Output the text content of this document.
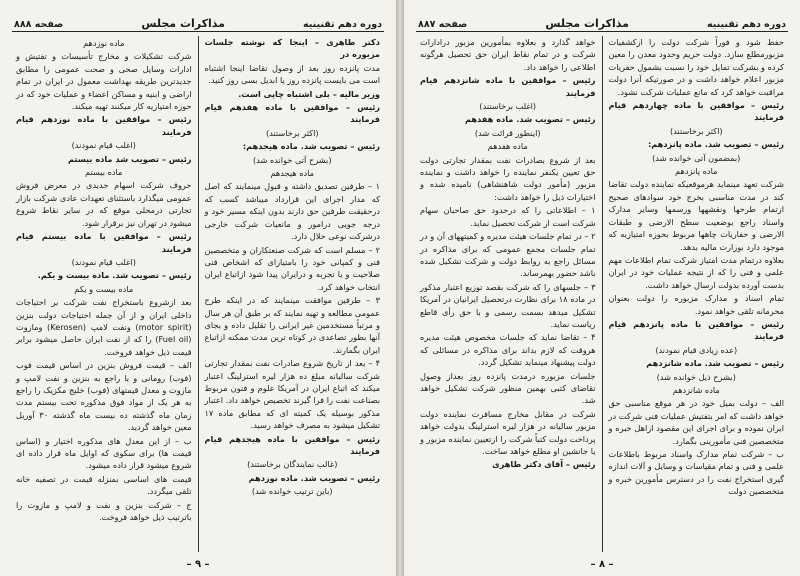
دوره دهم تقنینیه
مذاکرات مجلس
صفحه ۸۸۷
حفظ شود و فوراً شرکت دولت را ازکشفیات مزبورمطلع سازد. دولت حریم وحدود معدن را معین کرده و بشرکت تمایل خود را نسبت بشمول حفریات مزبور اعلام خواهد داشت و در صورتیکه آنرا دولت مراقبت خواهد کرد که مانع عملیات شرکت نشود.
رئیس – موافقین با ماده چهاردهم قیام فرمایند
(اکثر برخاستند)
رئیس – تصویب شد. ماده پانزدهم:
(بمضمون آتی خوانده شد)
ماده پانزدهم
شرکت تعهد مینماید هرموقعیکه نماینده دولت تقاضا کند در مدت مناسبی بخرج خود سوادهای صحیح ازتمام طرحها ونقشهها ورسمها وسایر مدارک واسناد راجع بوضعیت سطح الارضی و طبقات الارضی و حفاریات چاهها مربوط بحوزه امتیازیه که موجود دارد بوزارت مالیه بدهد.
بعلاوه درتمام مدت امتیاز شرکت تمام اطلاعات مهم علمی و فنی را که از نتیجه عملیات خود در ایران بدست آورده بدولت ارسال خواهد داشت.
تمام اسناد و مدارک مزبوره را دولت بعنوان محرمانه تلقی خواهد نمود.
رئیس – موافقین با ماده پانزدهم قیام فرمایند
(عده زیادی قیام نمودند)
رئیس – تصویب شد. ماده شانزدهم
(بشرح ذیل خوانده شد)
ماده شانزدهم
الف – دولت بمیل خود در هر موقع مناسبی حق خواهد داشت که امر بتفتیش عملیات فنی شرکت در ایران نموده و برای اجرای این مقصود ازاهل خبره و متخصصین فنی مأمورینی بگمارد.
ب – شرکت تمام مدارک واسناد مربوط باطلاعات علمی و فنی و تمام مقیاسات و وسایل و آلات اندازه گیری استخراج نفت را در دسترس مأمورین خبره و متخصصین دولت
خواهد گذارد و بعلاوه بمأمورین مزبور درادارات شرکت و در تمام نقاط ایران حق تحصیل هرگونه اطلاعی را خواهد داد.
رئیس – موافقین با ماده شانزدهم قیام فرمایند
(اغلب برخاستند)
رئیس – تصویب شد. ماده هفدهم
(اینطور قرائت شد)
ماده هفدهم
بعد از شروع بصادرات نفت بمقدار تجارتی دولت حق تعیین یکنفر نماینده را خواهد داشت و نماینده مزبور (مأمور دولت شاهنشاهی) نامیده شده و اختیارات ذیل را خواهد داشت:
۱ – اطلاعاتی را که درحدود حق صاحبان سهام شرکت است از شرکت تحصیل نماید.
۲ – در تمام جلسات هیئت مدیره و کمیتههای آن و در تمام جلسات مجمع عمومی که برای مذاکره در مسائل راجع به روابط دولت و شرکت تشکیل شده باشد حضور بهمرساند.
۳ – جلسهای را که شرکت بقصد توزیع اعتبار مذکور در ماده ۱۸ برای نظارت درتحصیل ایرانیان در آمریکا تشکیل میدهد بسمت رسمی و با حق رأی قاطع ریاست نماید.
۴ – تقاضا نماید که جلسات مخصوص هیئت مدیره هروقت که لازم بداند برای مذاکره در مسائلی که دولت پیشنهاد مینماید تشکیل گردد.
جلسات مزبوره درمدت پانزده روز بعداز وصول تقاضای کتبی بهمین منظور شرکت تشکیل خواهد شد.
شرکت در مقابل مخارج مسافرت نماینده دولت مزبور سالیانه در هزار لیره استرلینگ بدولت خواهد پرداخت دولت کتباً شرکت را ازتعیین نماینده مزبور و یا جانشین او مطلع خواهد ساخت.
رئیس – آقای دکتر طاهری
– ۸ –
دوره دهم تقنینیه
مذاکرات مجلس
صفحه ۸۸۸
دکتر طاهری – اینجا که نوشته جلسات مزبوره در
مدت پانزده روز بعد از وصول تقاضا اینجا اشتباه است می بایست پانزده روز یا ابدیل بسی روز کنید.
وزیر مالیه – بلی اشتباه چاپی است.
رئیس – موافقین با ماده هفدهم قیام فرمایند
(اکثر برخاستند)
رئیس – تصویب شد. ماده هیجدهم:
(بشرح آتی خوانده شد)
ماده هیجدهم
۱ – طرفین تصدیق داشته و قبول مینمایند که اصل که مدار اجرای این قرارداد میباشد کسب که درحقیقت طرفین حق دارند بدون اینکه مسیر خود و درجه جویی درامور و مانعیات شرکت خارجی درشرکت نوعی حلال دارد.
۲ – مسلم است که شرکت صنعتکاران و متخصصین فنی و کمپانی خود را بامتیازای که اشخاص فنی صلاحیت و یا تجربه و درایران پیدا شود ازاتباع ایران انتخاب خواهد کرد.
۳ – طرفین موافقت مینمایند که در اینکه طرح عمومی مطالعه و تهیه نمایند که بر طبق آن هر سال و مرتباً مستخدمین غیر ایرانی را تقلیل داده و بجای آنها بطور تصاعدی در کوتاه ترین مدت ممکنه ازاتباع ایران بگمارند.
۴ – بعد از تاریخ شروع صادرات نفت بمقدار تجارتی شرکت سالیانه مبلغ ده هزار لیره استرلینگ اعتبار میکند که اتباع ایران در آمریکا علوم و فنون مربوط بصناعت نفت را فرا گیرند تخصیص خواهد داد. اعتبار مذکور بوسیله یک کمیته ای که مطابق ماده ۱۷ تشکیل میشود به مصرف خواهد رسید.
رئیس – موافقین با ماده هیجدهم قیام فرمایند
(غالب نمایندگان برخاستند)
رئیس – تصویب شد. ماده نوزدهم
(باین ترتیب خوانده شد)
ماده نوزدهم
شرکت تشکیلات و مخارج تأسیسات و تفتیش و ادارات وسایل صحی و صحت عمومی را مطابق جدیدترین طریقه بهداشت معمول در ایران در تمام اراضی و ابنیه و مساکن اعضاء و عملیات خود که در حوزه امتیازیه کار میکنند تهیه میکند.
رئیس – موافقین با ماده نوزدهم قیام فرمایند
(اغلب قیام نمودند)
رئیس – تصویب شد ماده بیستم
ماده بیستم
حروف شرکت اسهام جدیدی در معرض فروش عمومی میگذارد باستثنای تعهدات عادی شرکت بازار تجارتی درمحلی موقع که در سایر نقاط شروع میشود در تهران نیز برقرار شود.
رئیس – موافقین با ماده بیستم قیام فرمایند
(اغلب قیام نمودند)
رئیس – تصویب شد. ماده بیست و یکم.
ماده بیست و یکم
بعد ازشروع باستخراج نفت شرکت بر احتیاجات داخلی ایران و از آن جمله احتیاجات دولت بنزین (motor spirit) ونفت لامپ (Kerosen) ومازوت (Fuel oil) را که از نفت ایران حاصل میشود برابر قیمت ذیل خواهد فروخت.
الف – قیمت فروش بنزین در اساس قیمت فوب (فوب) رومانی و یا راجع به بنزین و نفت لامپ و مازوت و معدل قیمتهای (فوب) خلیج مکزیک را راجع به هر یک از مواد فوق مذکوره تحت بیستم مدت زمان ماه گذشته ده بیست ماه گذشته ۳۰ آوریل معین خواهد گردید.
ب – از این معدل های مذکوره اختیار و (اساس قیمت ها) برای سکوی که اوایل ماه قرار داده ای شروع میشود قرار داده میشود.
قیمت های اساسی بمنزله قیمت در تصفیه خانه تلقی میگردد.
ج – شرکت بنزین و نفت و لامپ و مازوت را باترتیب ذیل خواهد فروخت.
– ۹ –
